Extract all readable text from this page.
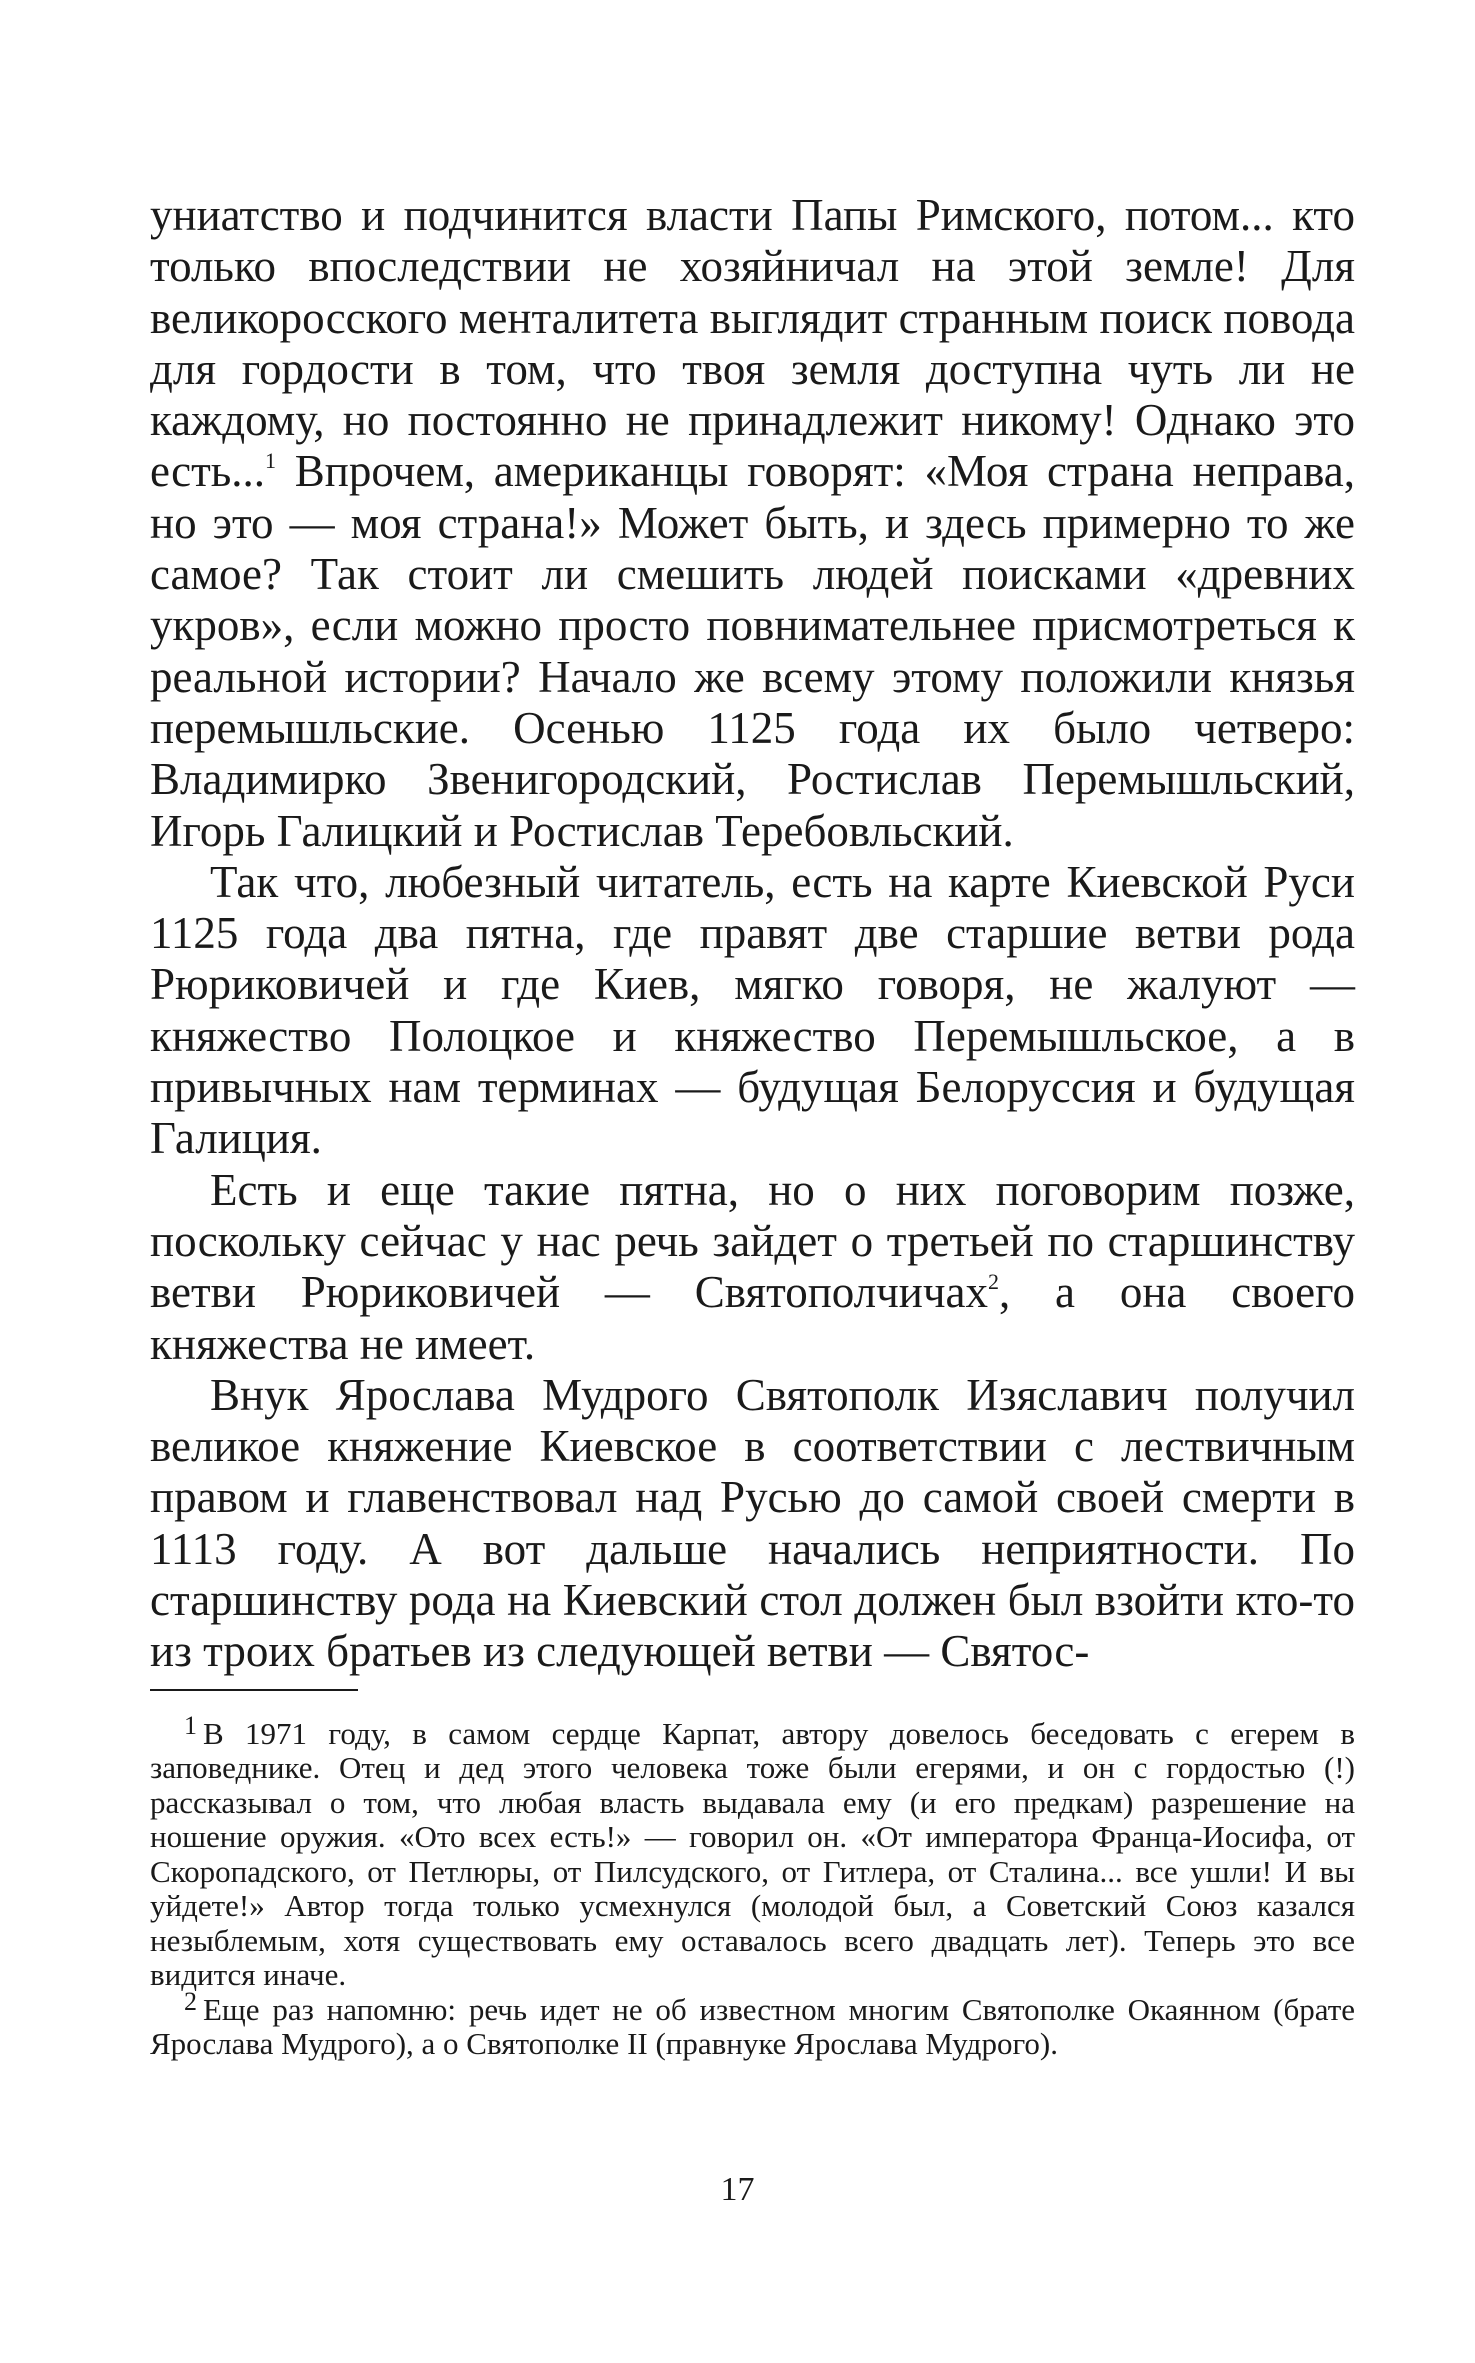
униатство и подчинится власти Папы Римского, потом... кто только впоследствии не хозяйничал на этой земле! Для великоросского менталитета выглядит странным поиск повода для гордости в том, что твоя земля доступна чуть ли не каждому, но постоянно не принадлежит никому! Однако это есть...$^1$ Впрочем, американцы говорят: «Моя страна неправа, но это — моя страна!» Может быть, и здесь примерно то же самое? Так стоит ли смешить людей поисками «древних укров», если можно просто повнимательнее присмотреться к реальной истории? Начало же всему этому положили князья перемышльские. Осенью 1125 года их было четверо: Владимирко Звенигородский, Ростислав Перемышльский, Игорь Галицкий и Ростислав Теребовльский.

Так что, любезный читатель, есть на карте Киевской Руси 1125 года два пятна, где правят две старшие ветви рода Рюриковичей и где Киев, мягко говоря, не жалуют — княжество Полоцкое и княжество Перемышльское, а в привычных нам терминах — будущая Белоруссия и будущая Галиция.

Есть и еще такие пятна, но о них поговорим позже, поскольку сейчас у нас речь зайдет о третьей по старшинству ветви Рюриковичей — Святополчичах$^2$, а она своего княжества не имеет.

Внук Ярослава Мудрого Святополк Изяславич получил великое княжение Киевское в соответствии с лествичным правом и главенствовал над Русью до самой своей смерти в 1113 году. А вот дальше начались неприятности. По старшинству рода на Киевский стол должен был взойти кто-то из троих братьев из следующей ветви — Святос-

$^1$ В 1971 году, в самом сердце Карпат, автору довелось беседовать с егерем в заповеднике. Отец и дед этого человека тоже были егерями, и он с гордостью (!) рассказывал о том, что любая власть выдавала ему (и его предкам) разрешение на ношение оружия. «Ото всех есть!» — говорил он. «От императора Франца-Иосифа, от Скоропадского, от Петлюры, от Пилсудского, от Гитлера, от Сталина... все ушли! И вы уйдете!» Автор тогда только усмехнулся (молодой был, а Советский Союз казался незыблемым, хотя существовать ему оставалось всего двадцать лет). Теперь это все видится иначе.

$^2$ Еще раз напомню: речь идет не об известном многим Святополке Окаянном (брате Ярослава Мудрого), а о Святополке II (правнуке Ярослава Мудрого).

17
